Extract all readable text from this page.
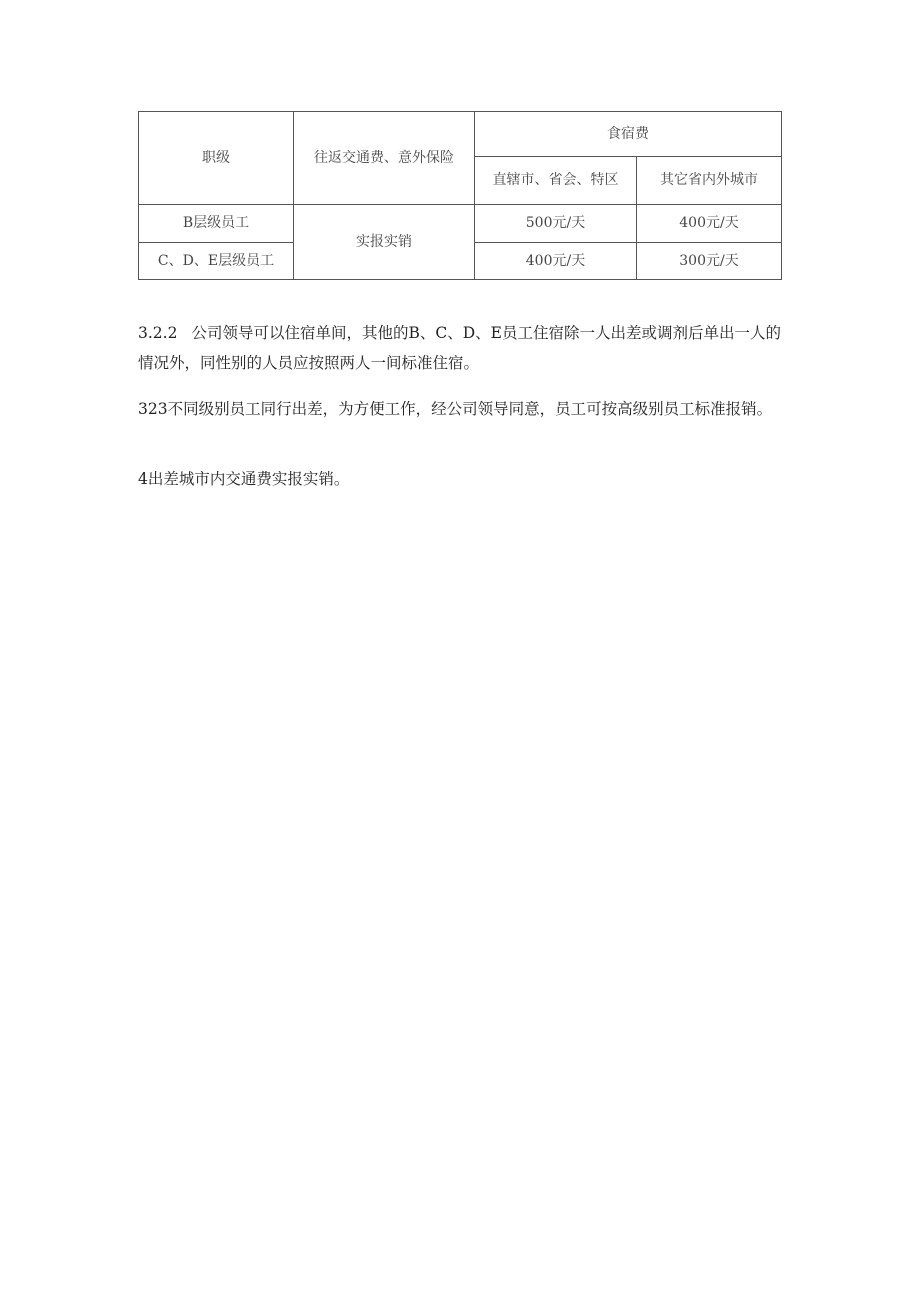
职级	往返交通费、意外保险	食宿费	
		直辖市、省会、特区	其它省内外城市
B层级员工	实报实销	500元/天	400元/天
C、D、E层级员工		400元/天	300元/天

3.2.2 公司领导可以住宿单间，其他的B、C、D、E员工住宿除一人出差或调剂后单出一人的情况外，同性别的人员应按照两人一间标准住宿。

323不同级别员工同行出差，为方便工作，经公司领导同意，员工可按高级别员工标准报销。

4出差城市内交通费实报实销。
